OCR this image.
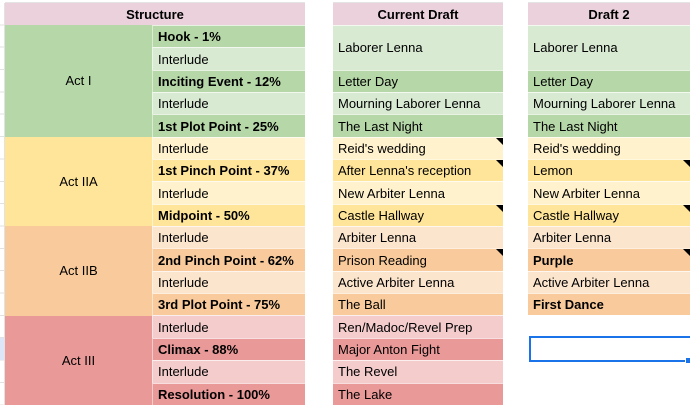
Structure
Act I
Act IIA
Act IIB
Act III
Hook - 1%
Interlude
Inciting Event - 12%
Interlude
1st Plot Point - 25%
Interlude
1st Pinch Point - 37%
Interlude
Midpoint - 50%
Interlude
2nd Pinch Point - 62%
Interlude
3rd Plot Point - 75%
Interlude
Climax - 88%
Interlude
Resolution - 100%
Current Draft
Laborer Lenna
Letter Day
Mourning Laborer Lenna
The Last Night
Reid's wedding
After Lenna's reception
New Arbiter Lenna
Castle Hallway
Arbiter Lenna
Prison Reading
Active Arbiter Lenna
The Ball
Ren/Madoc/Revel Prep
Major Anton Fight
The Revel
The Lake
Draft 2
Laborer Lenna
Letter Day
Mourning Laborer Lenna
The Last Night
Reid's wedding
Lemon
New Arbiter Lenna
Castle Hallway
Arbiter Lenna
Purple
Active Arbiter Lenna
First Dance
